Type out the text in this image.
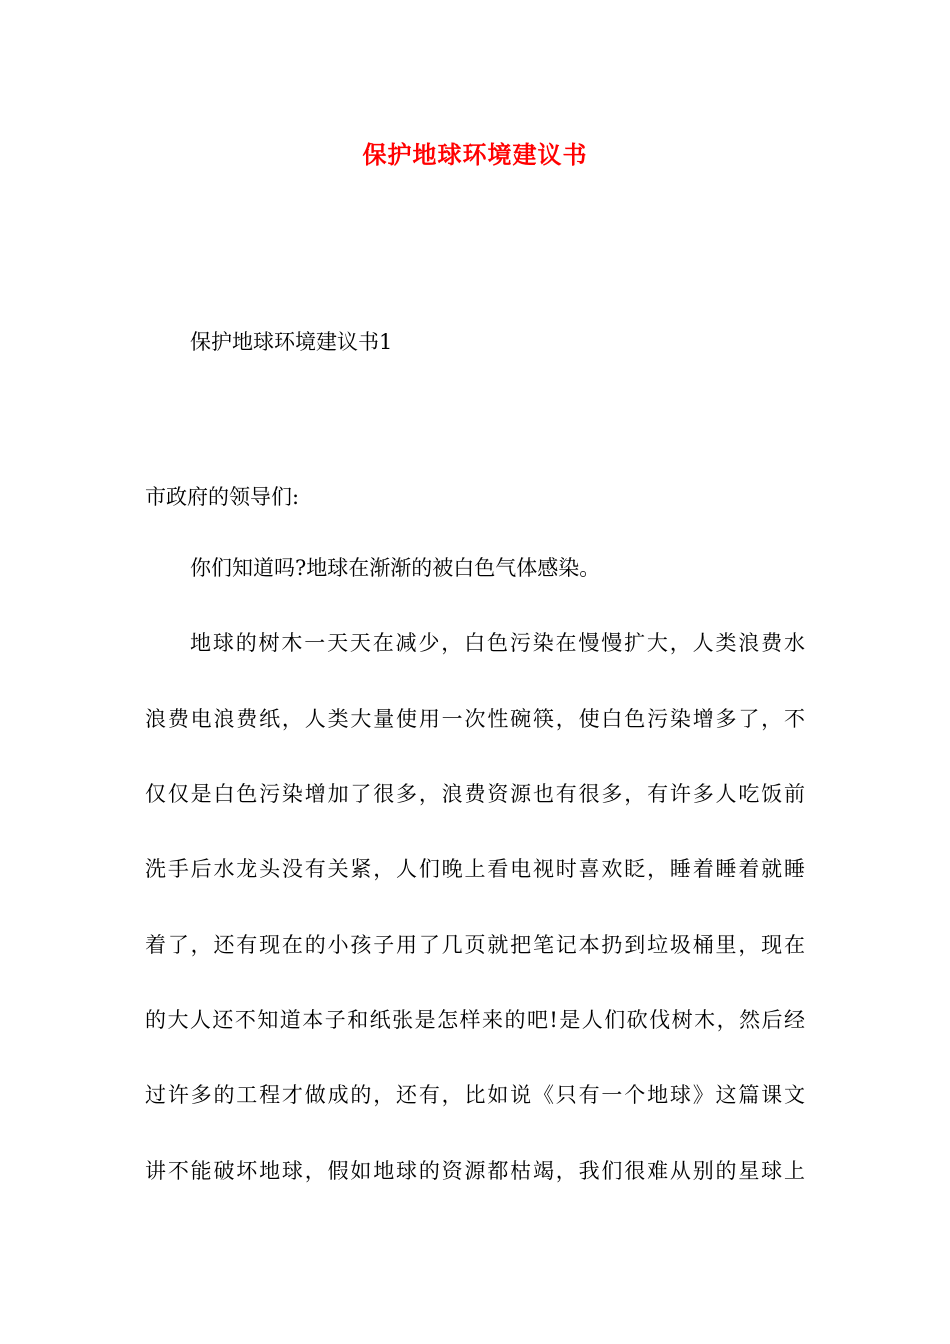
保护地球环境建议书
保护地球环境建议书1
市政府的领导们:
你们知道吗?地球在渐渐的被白色气体感染。
地球的树木一天天在减少，白色污染在慢慢扩大，人类浪费水
浪费电浪费纸，人类大量使用一次性碗筷，使白色污染增多了，不
仅仅是白色污染增加了很多，浪费资源也有很多，有许多人吃饭前
洗手后水龙头没有关紧，人们晚上看电视时喜欢眨，睡着睡着就睡
着了，还有现在的小孩子用了几页就把笔记本扔到垃圾桶里，现在
的大人还不知道本子和纸张是怎样来的吧!是人们砍伐树木，然后经
过许多的工程才做成的，还有，比如说《只有一个地球》这篇课文
讲不能破坏地球，假如地球的资源都枯竭，我们很难从别的星球上
